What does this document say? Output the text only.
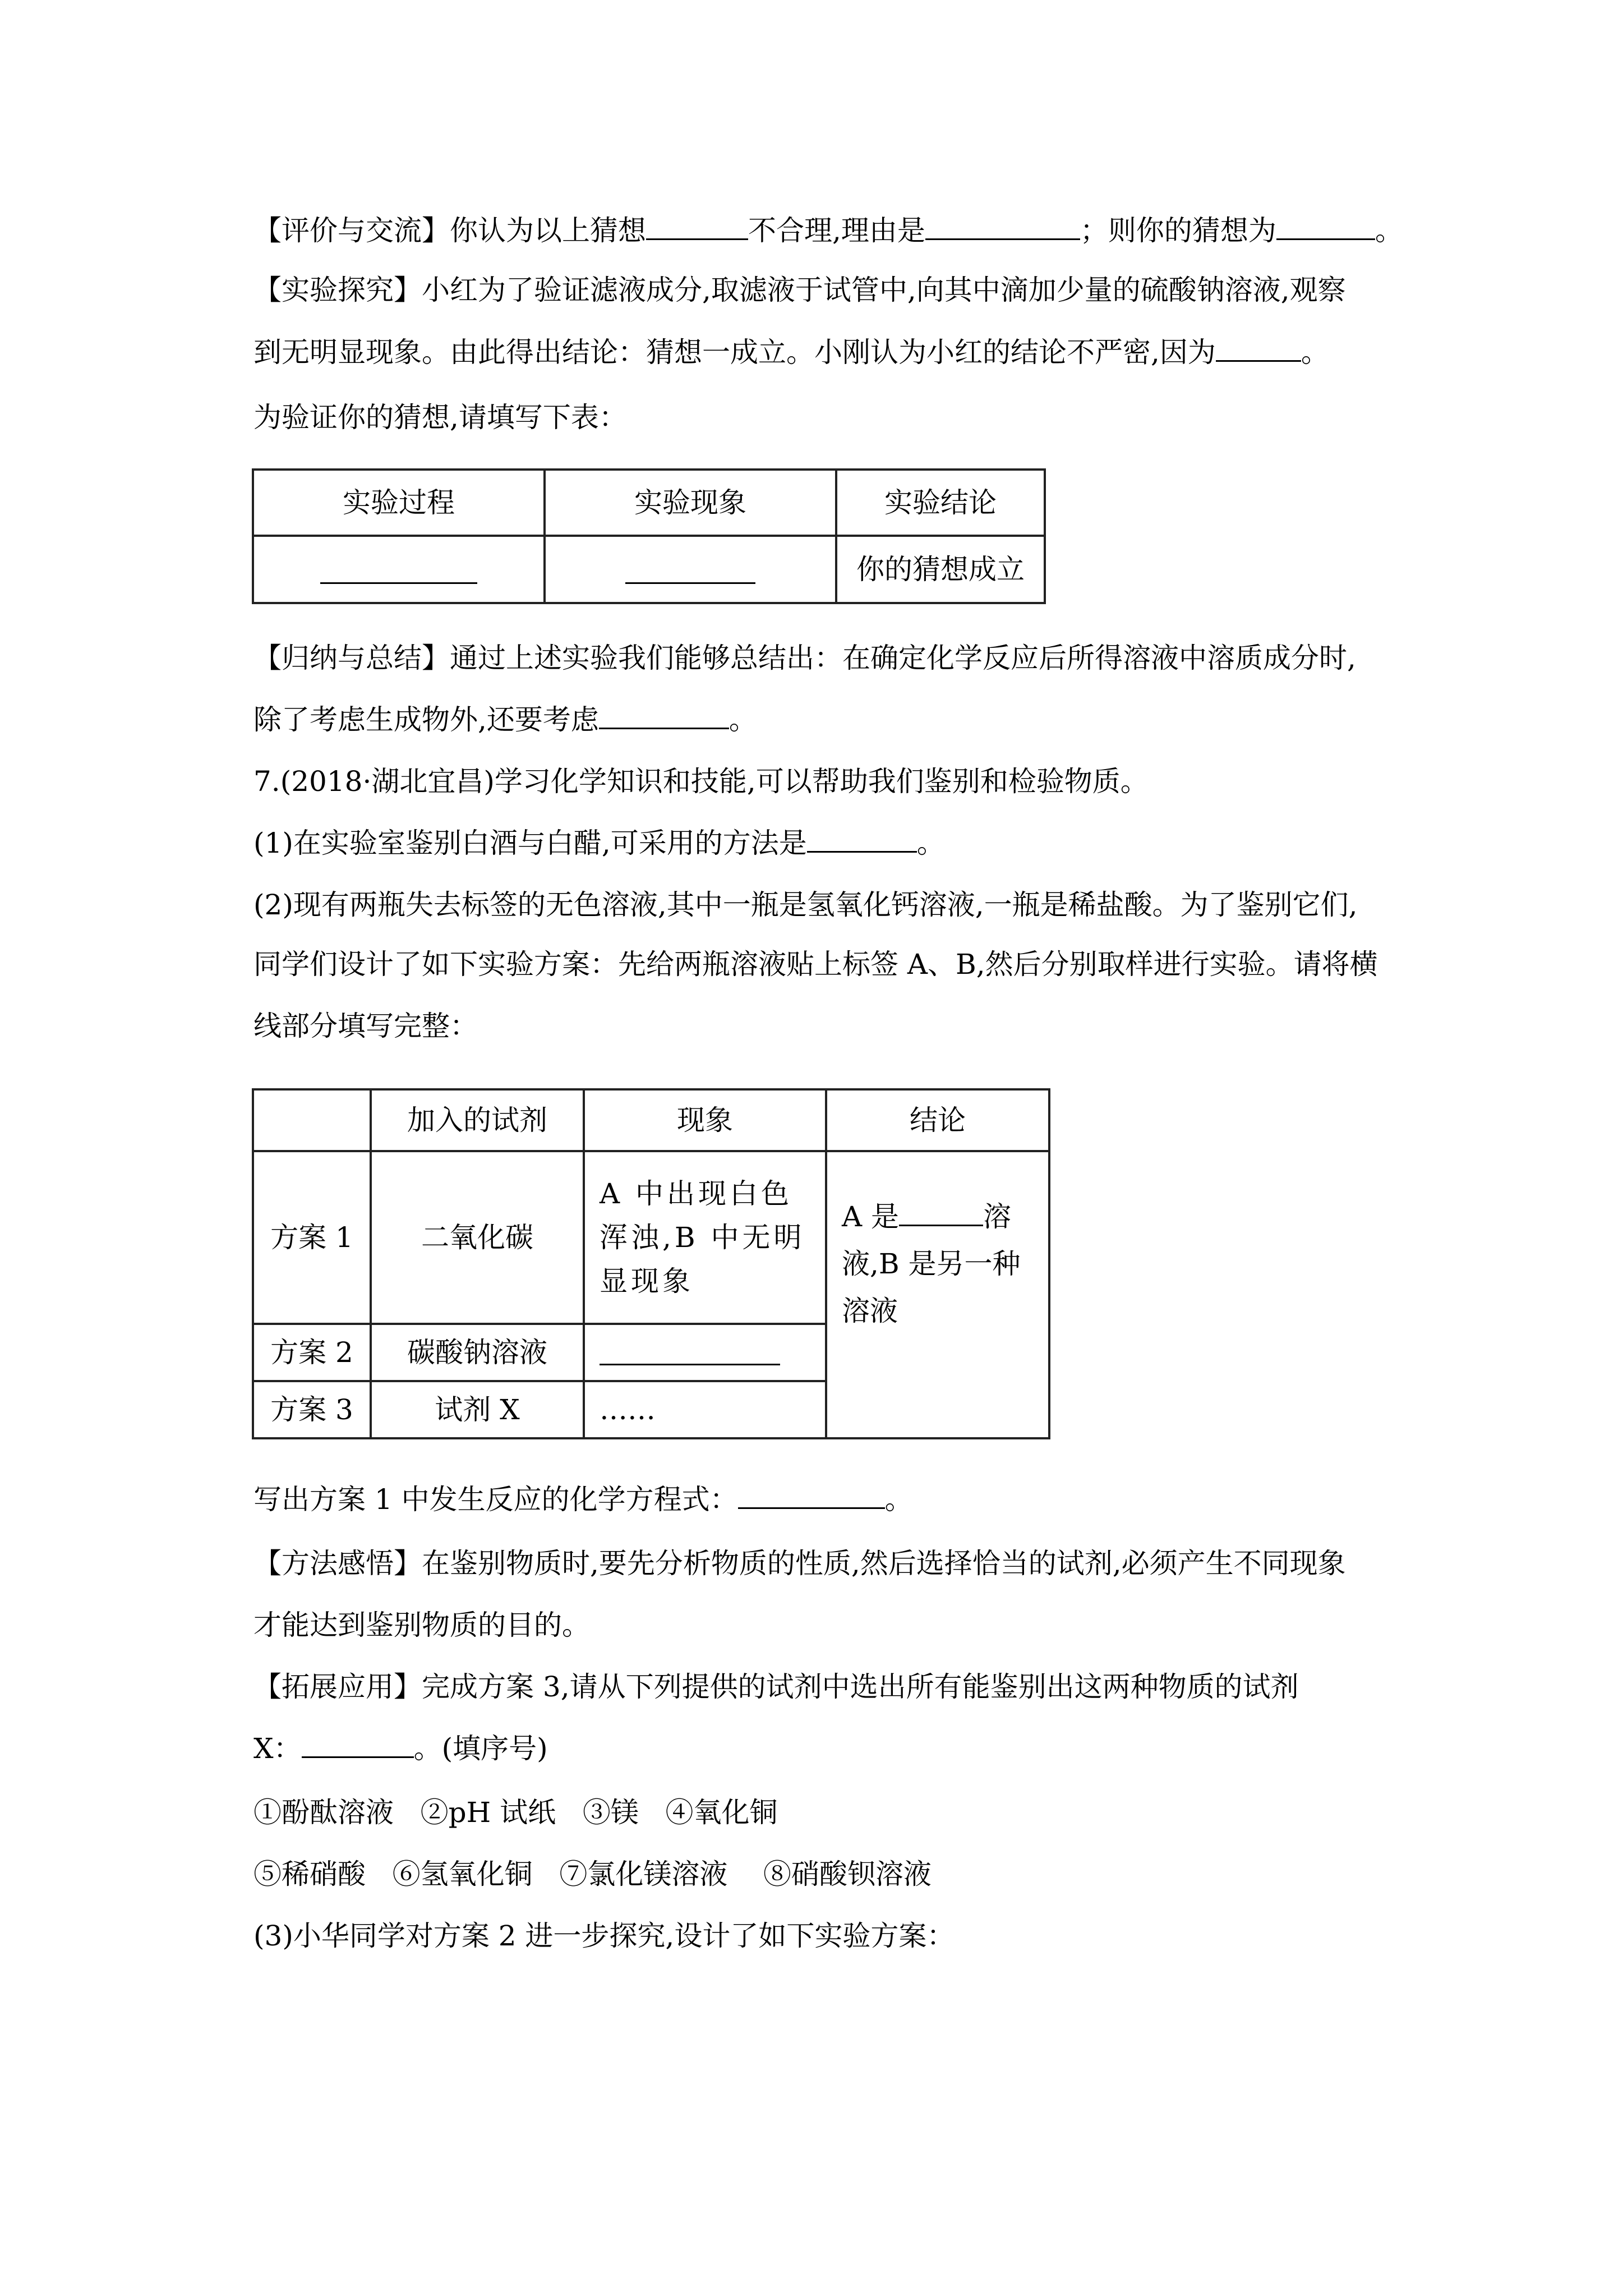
【评价与交流】你认为以上猜想	不合理,理由是	；则你的猜想为	。
【实验探究】小红为了验证滤液成分,取滤液于试管中,向其中滴加少量的硫酸钠溶液,观察
到无明显现象。由此得出结论：猜想一成立。小刚认为小红的结论不严密,因为	。
为验证你的猜想,请填写下表：
实验过程	实验现象	实验结论
		你的猜想成立
【归纳与总结】通过上述实验我们能够总结出：在确定化学反应后所得溶液中溶质成分时,
除了考虑生成物外,还要考虑	。
7.(2018·湖北宜昌)学习化学知识和技能,可以帮助我们鉴别和检验物质。
(1)在实验室鉴别白酒与白醋,可采用的方法是	。
(2)现有两瓶失去标签的无色溶液,其中一瓶是氢氧化钙溶液,一瓶是稀盐酸。为了鉴别它们,
同学们设计了如下实验方案：先给两瓶溶液贴上标签 A、B,然后分别取样进行实验。请将横
线部分填写完整：
	加入的试剂	现象	结论
方案 1	二氧化碳	A 中出现白色浑浊,B 中无明显现象	A 是 溶液,B 是另一种溶液
方案 2	碳酸钠溶液		
方案 3	试剂 X	……	
写出方案 1 中发生反应的化学方程式：	。
【方法感悟】在鉴别物质时,要先分析物质的性质,然后选择恰当的试剂,必须产生不同现象
才能达到鉴别物质的目的。
【拓展应用】完成方案 3,请从下列提供的试剂中选出所有能鉴别出这两种物质的试剂
X：	。(填序号)
①酚酞溶液   ②pH 试纸   ③镁   ④氧化铜
⑤稀硝酸   ⑥氢氧化铜   ⑦氯化镁溶液    ⑧硝酸钡溶液
(3)小华同学对方案 2 进一步探究,设计了如下实验方案：
